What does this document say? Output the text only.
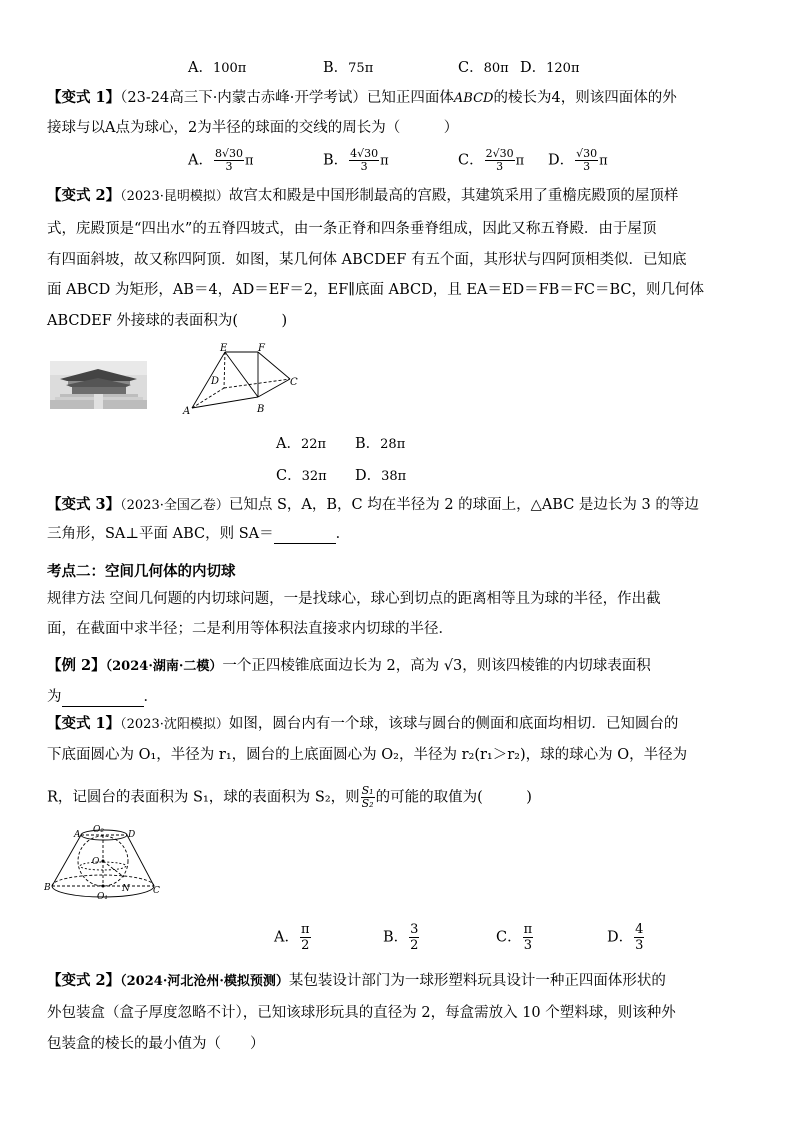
A．100π	B．75π	C．80π D．120π
【变式 1】（23-24高三下·内蒙古赤峰·开学考试）已知正四面体ABCD的棱长为4，则该四面体的外
接球与以A点为球心，2为半径的球面的交线的周长为（　　　）
A． $\frac{8√30}{3}$ π	B． $\frac{4√30}{3}$ π	C． $\frac{2√30}{3}$ π D． $\frac{√30}{3}$ π
【变式 2】（2023·昆明模拟）故宫太和殿是中国形制最高的宫殿，其建筑采用了重檐庑殿顶的屋顶样
式，庑殿顶是“四出水”的五脊四坡式，由一条正脊和四条垂脊组成，因此又称五脊殿．由于屋顶
有四面斜坡，故又称四阿顶．如图，某几何体 ABCDEF 有五个面，其形状与四阿顶相类似．已知底
面 ABCD 为矩形，AB＝4，AD＝EF＝2，EF∥底面 ABCD，且 EA＝ED＝FB＝FC＝BC，则几何体
ABCDEF 外接球的表面积为(　　　)
E	F
D	C
A	B
A．22π B．28π
C．32π D．38π
【变式 3】（2023·全国乙卷）已知点 S，A，B，C 均在半径为 2 的球面上，△ABC 是边长为 3 的等边
三角形，SA⊥平面 ABC，则 SA＝	．
考点二：空间几何体的内切球
规律方法 空间几何题的内切球问题，一是找球心，球心到切点的距离相等且为球的半径，作出截
面，在截面中求半径；二是利用等体积法直接求内切球的半径．
【例 2】（2024·湖南·二模）一个正四棱锥底面边长为 2，高为 √3，则该四棱锥的内切球表面积
为	．
【变式 1】（2023·沈阳模拟）如图，圆台内有一个球，该球与圆台的侧面和底面均相切．已知圆台的
下底面圆心为 O₁，半径为 r₁，圆台的上底面圆心为 O₂，半径为 r₂(r₁＞r₂)，球的球心为 O，半径为
R，记圆台的表面积为 S₁，球的表面积为 S₂，则 $\frac{\text{S₁}}{\text{S₂}}$ 的可能的取值为(　　　)
A O₂	D
O
B
O₁
N	C
A． $\frac{\pi}{2}$	B． $\frac{3}{2}$	C． $\frac{\pi}{3}$	D． $\frac{4}{3}$
【变式 2】（2024·河北沧州·模拟预测）某包装设计部门为一球形塑料玩具设计一种正四面体形状的
外包装盒（盒子厚度忽略不计），已知该球形玩具的直径为 2，每盒需放入 10 个塑料球，则该种外
包装盒的棱长的最小值为（　　）
